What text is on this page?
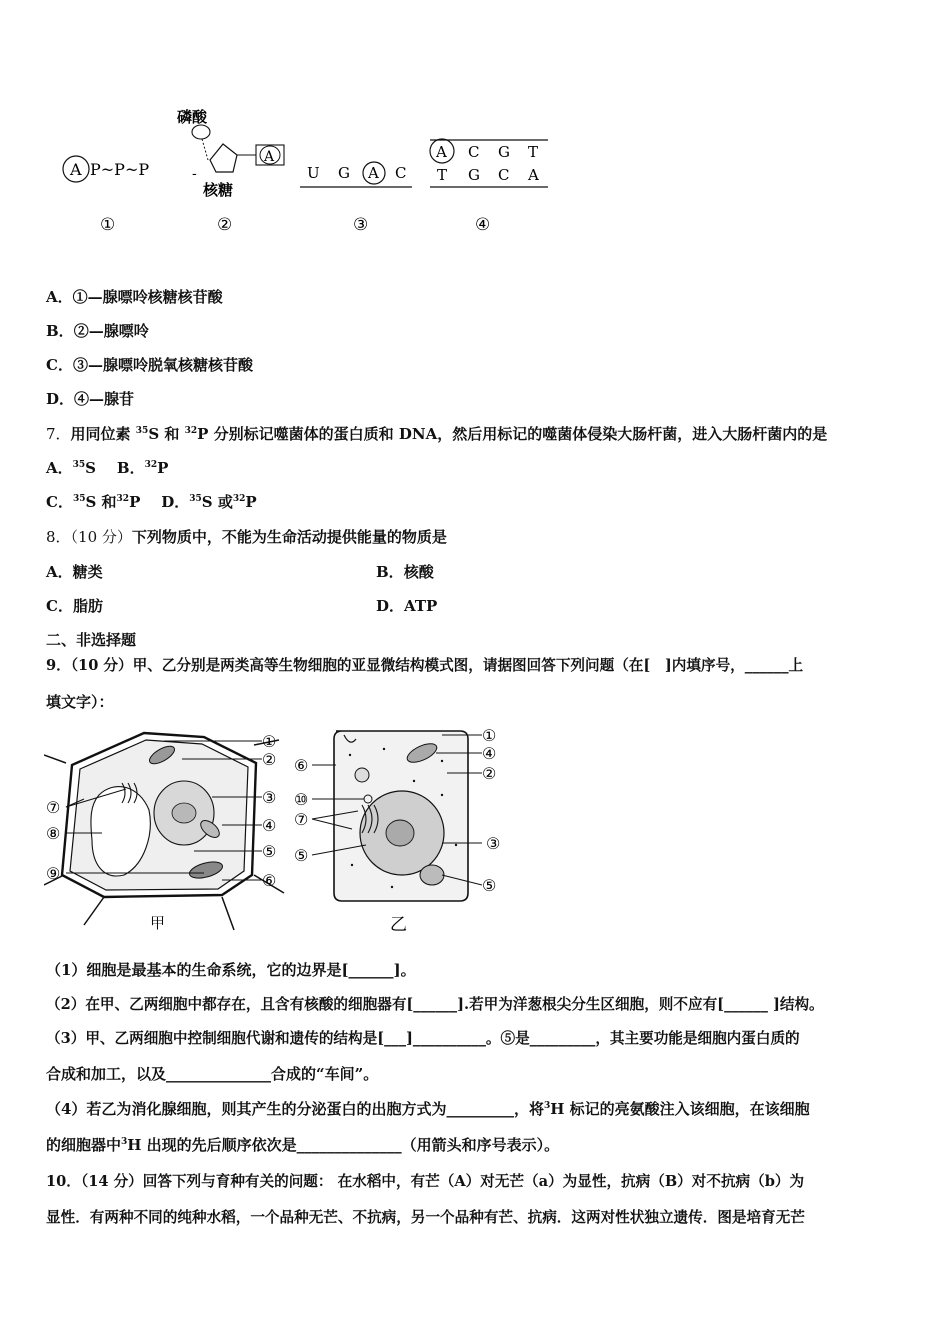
A P~P~P
磷酸
A
-
核糖
U G A C
A C G T
T G C A
①	②	③	④
A．①—腺嘌呤核糖核苷酸
B．②—腺嘌呤
C．③—腺嘌呤脱氧核糖核苷酸
D．④—腺苷
7．用同位素 $^{35}$S 和 $^{32}$P 分别标记噬菌体的蛋白质和 DNA，然后用标记的噬菌体侵染大肠杆菌，进入大肠杆菌内的是
A．$^{35}$S B．$^{32}$P
C．$^{35}$S 和$^{32}$P D．$^{35}$S 或$^{32}$P
8．（10 分）下列物质中，不能为生命活动提供能量的物质是
A．糖类	B．核酸
C．脂肪	D．ATP
二、非选择题
9．（10 分）甲、乙分别是两类高等生物细胞的亚显微结构模式图，请据图回答下列问题（在[　]内填序号，______上
填文字）：
①
②
③
④
⑤
⑥
⑦
⑧
⑨
甲
①
④
②
⑥
⑩
⑦
③
⑤
⑤
乙
（1）细胞是最基本的生命系统，它的边界是[______]。
（2）在甲、乙两细胞中都存在，且含有核酸的细胞器有[______].若甲为洋葱根尖分生区细胞，则不应有[______ ]结构。
（3）甲、乙两细胞中控制细胞代谢和遗传的结构是[___]__________。⑤是_________，其主要功能是细胞内蛋白质的
合成和加工，以及______________合成的“车间”。
（4）若乙为消化腺细胞，则其产生的分泌蛋白的出胞方式为_________，将$^3$H 标记的亮氨酸注入该细胞，在该细胞
的细胞器中$^3$H 出现的先后顺序依次是______________（用箭头和序号表示）。
10．（14 分）回答下列与育种有关的问题： 在水稻中，有芒（A）对无芒（a）为显性，抗病（B）对不抗病（b）为
显性．有两种不同的纯种水稻，一个品种无芒、不抗病，另一个品种有芒、抗病．这两对性状独立遗传．图是培育无芒
